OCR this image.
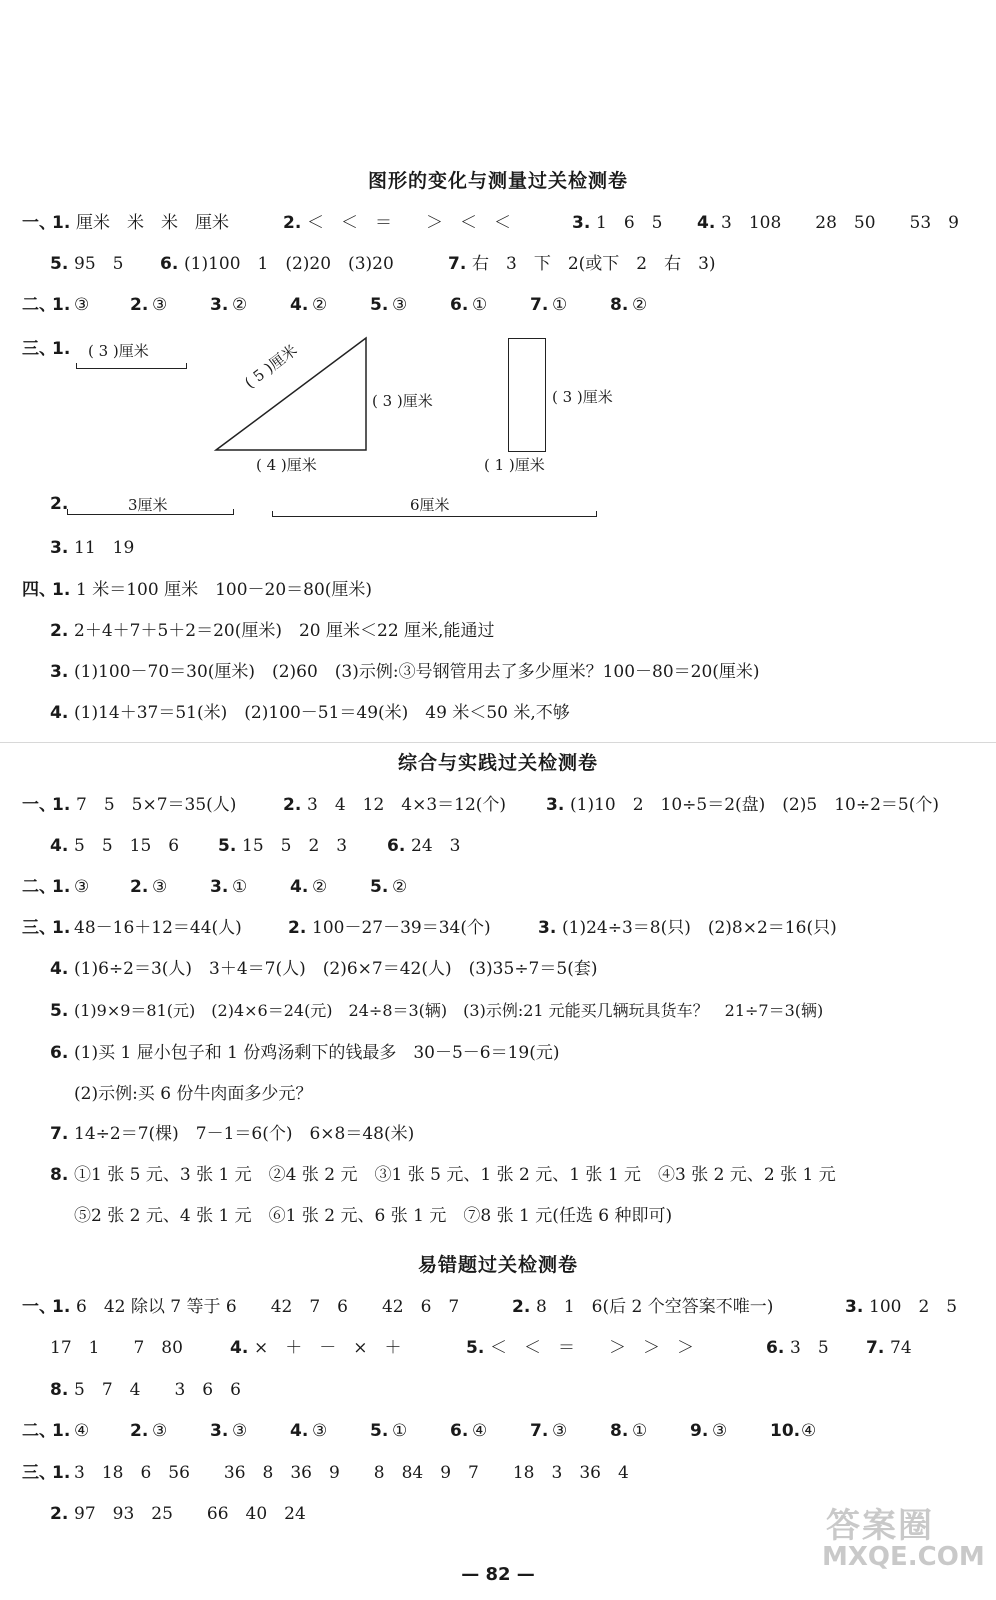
图形的变化与测量过关检测卷
一、
1. 厘米　米　米　厘米	2. ＜　＜　＝　　＞　＜　＜	3. 1　6　5 4. 3　108　　28　50　　53　9
5. 95　5 6. (1)100　1　(2)20　(3)20	7. 右　3　下　2(或下　2　右　3)
二、
1. ③ 2. ③	3. ②	4. ②	5. ③	6. ①	7. ①	8. ②
三、
1. ( 3 )厘米	( 5 )厘米
( 3 )厘米
( 4 )厘米
( 3 )厘米
( 1 )厘米
2.	3厘米	6厘米
3. 11　19
四、
1. 1 米＝100 厘米　100－20＝80(厘米)
2. 2＋4＋7＋5＋2＝20(厘米)　20 厘米＜22 厘米,能通过
3. (1)100－70＝30(厘米)　(2)60　(3)示例:③号钢管用去了多少厘米？100－80＝20(厘米)
4. (1)14＋37＝51(米)　(2)100－51＝49(米)　49 米＜50 米,不够
综合与实践过关检测卷
一、
1. 7　5　5×7＝35(人)	2. 3　4　12　4×3＝12(个) 3. (1)10　2　10÷5＝2(盘)　(2)5　10÷2＝5(个)
4. 5　5　15　6 5. 15　5　2　3 6. 24　3
二、
1. ③ 2. ③	3. ①	4. ②	5. ②
三、
1. 48－16＋12＝44(人)	2. 100－27－39＝34(个)	3. (1)24÷3＝8(只)　(2)8×2＝16(只)
4. (1)6÷2＝3(人)　3＋4＝7(人)　(2)6×7＝42(人)　(3)35÷7＝5(套)
5. (1)9×9＝81(元)　(2)4×6＝24(元)　24÷8＝3(辆)　(3)示例:21 元能买几辆玩具货车？　21÷7＝3(辆)
6. (1)买 1 屉小包子和 1 份鸡汤剩下的钱最多　30－5－6＝19(元)
(2)示例:买 6 份牛肉面多少元？
7. 14÷2＝7(棵)　7－1＝6(个)　6×8＝48(米)
8. ①1 张 5 元、3 张 1 元　②4 张 2 元　③1 张 5 元、1 张 2 元、1 张 1 元　④3 张 2 元、2 张 1 元
⑤2 张 2 元、4 张 1 元　⑥1 张 2 元、6 张 1 元　⑦8 张 1 元(任选 6 种即可)
易错题过关检测卷
一、
1. 6　42 除以 7 等于 6　　42　7　6　　42　6　7	2. 8　1　6(后 2 个空答案不唯一)	3. 100　2　5
17　1　　7　80	4. ×　＋　－　×　＋	5. ＜　＜　＝　　＞　＞　＞	6. 3　5 7. 74
8. 5　7　4　　3　6　6
二、
1. ④ 2. ③	3. ③	4. ③	5. ①	6. ④	7. ③	8. ①	9. ③	10. ④
三、
1. 3　18　6　56　　36　8　36　9　　8　84　9　7　　18　3　36　4
2. 97　93　25　　66　40　24	答案圈
MXQE.COM
— 82 —
